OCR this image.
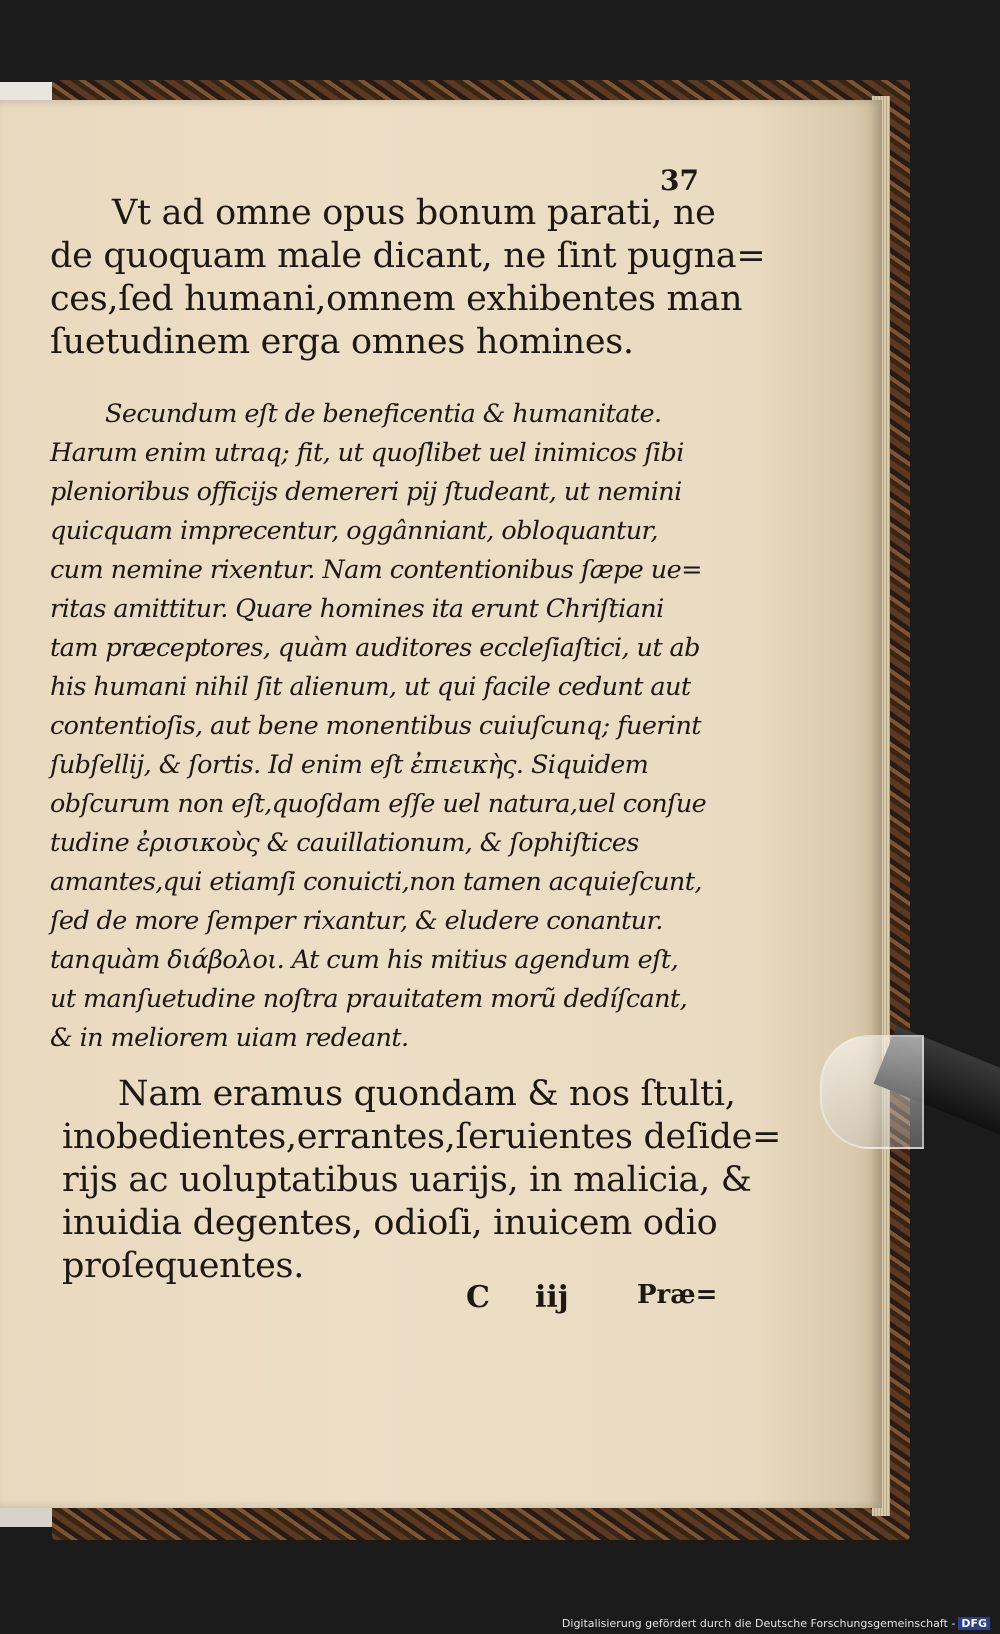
37
Vt ad omne opus bonum parati, ne
de quoquam male dicant, ne ſint pugna=
ces,ſed humani,omnem exhibentes man
ſuetudinem erga omnes homines.
Secundum eſt de beneficentia & humanitate.
Harum enim utraq; fit, ut quoſlibet uel inimicos ſibi
plenioribus officijs demereri pij ſtudeant, ut nemini
quicquam imprecentur, oggânniant, obloquantur,
cum nemine rixentur. Nam contentionibus ſæpe ue=
ritas amittitur. Quare homines ita erunt Chriſtiani
tam præceptores, quàm auditores eccleſiaſtici, ut ab
his humani nihil ſit alienum, ut qui facile cedunt aut
contentioſis, aut bene monentibus cuiuſcunq; fuerint
ſubſellij, & ſortis. Id enim eſt ἐπιεικὴς. Siquidem
obſcurum non eſt,quoſdam eſſe uel natura,uel conſue
tudine ἐρισικοὺς & cauillationum, & ſophiſtices
amantes,qui etiamſi conuicti,non tamen acquieſcunt,
ſed de more ſemper rixantur, & eludere conantur.
tanquàm διάβολοι. At cum his mitius agendum eſt,
ut manſuetudine noſtra prauitatem morũ dedíſcant,
& in meliorem uiam redeant.
Nam eramus quondam & nos ſtulti,
inobedientes,errantes,ſeruientes deſide=
rijs ac uoluptatibus uarijs, in malicia, &
inuidia degentes, odioſi, inuicem odio
proſequentes.
C iij	Præ=
Digitalisierung gefördert durch die Deutsche Forschungsgemeinschaft - DFG
